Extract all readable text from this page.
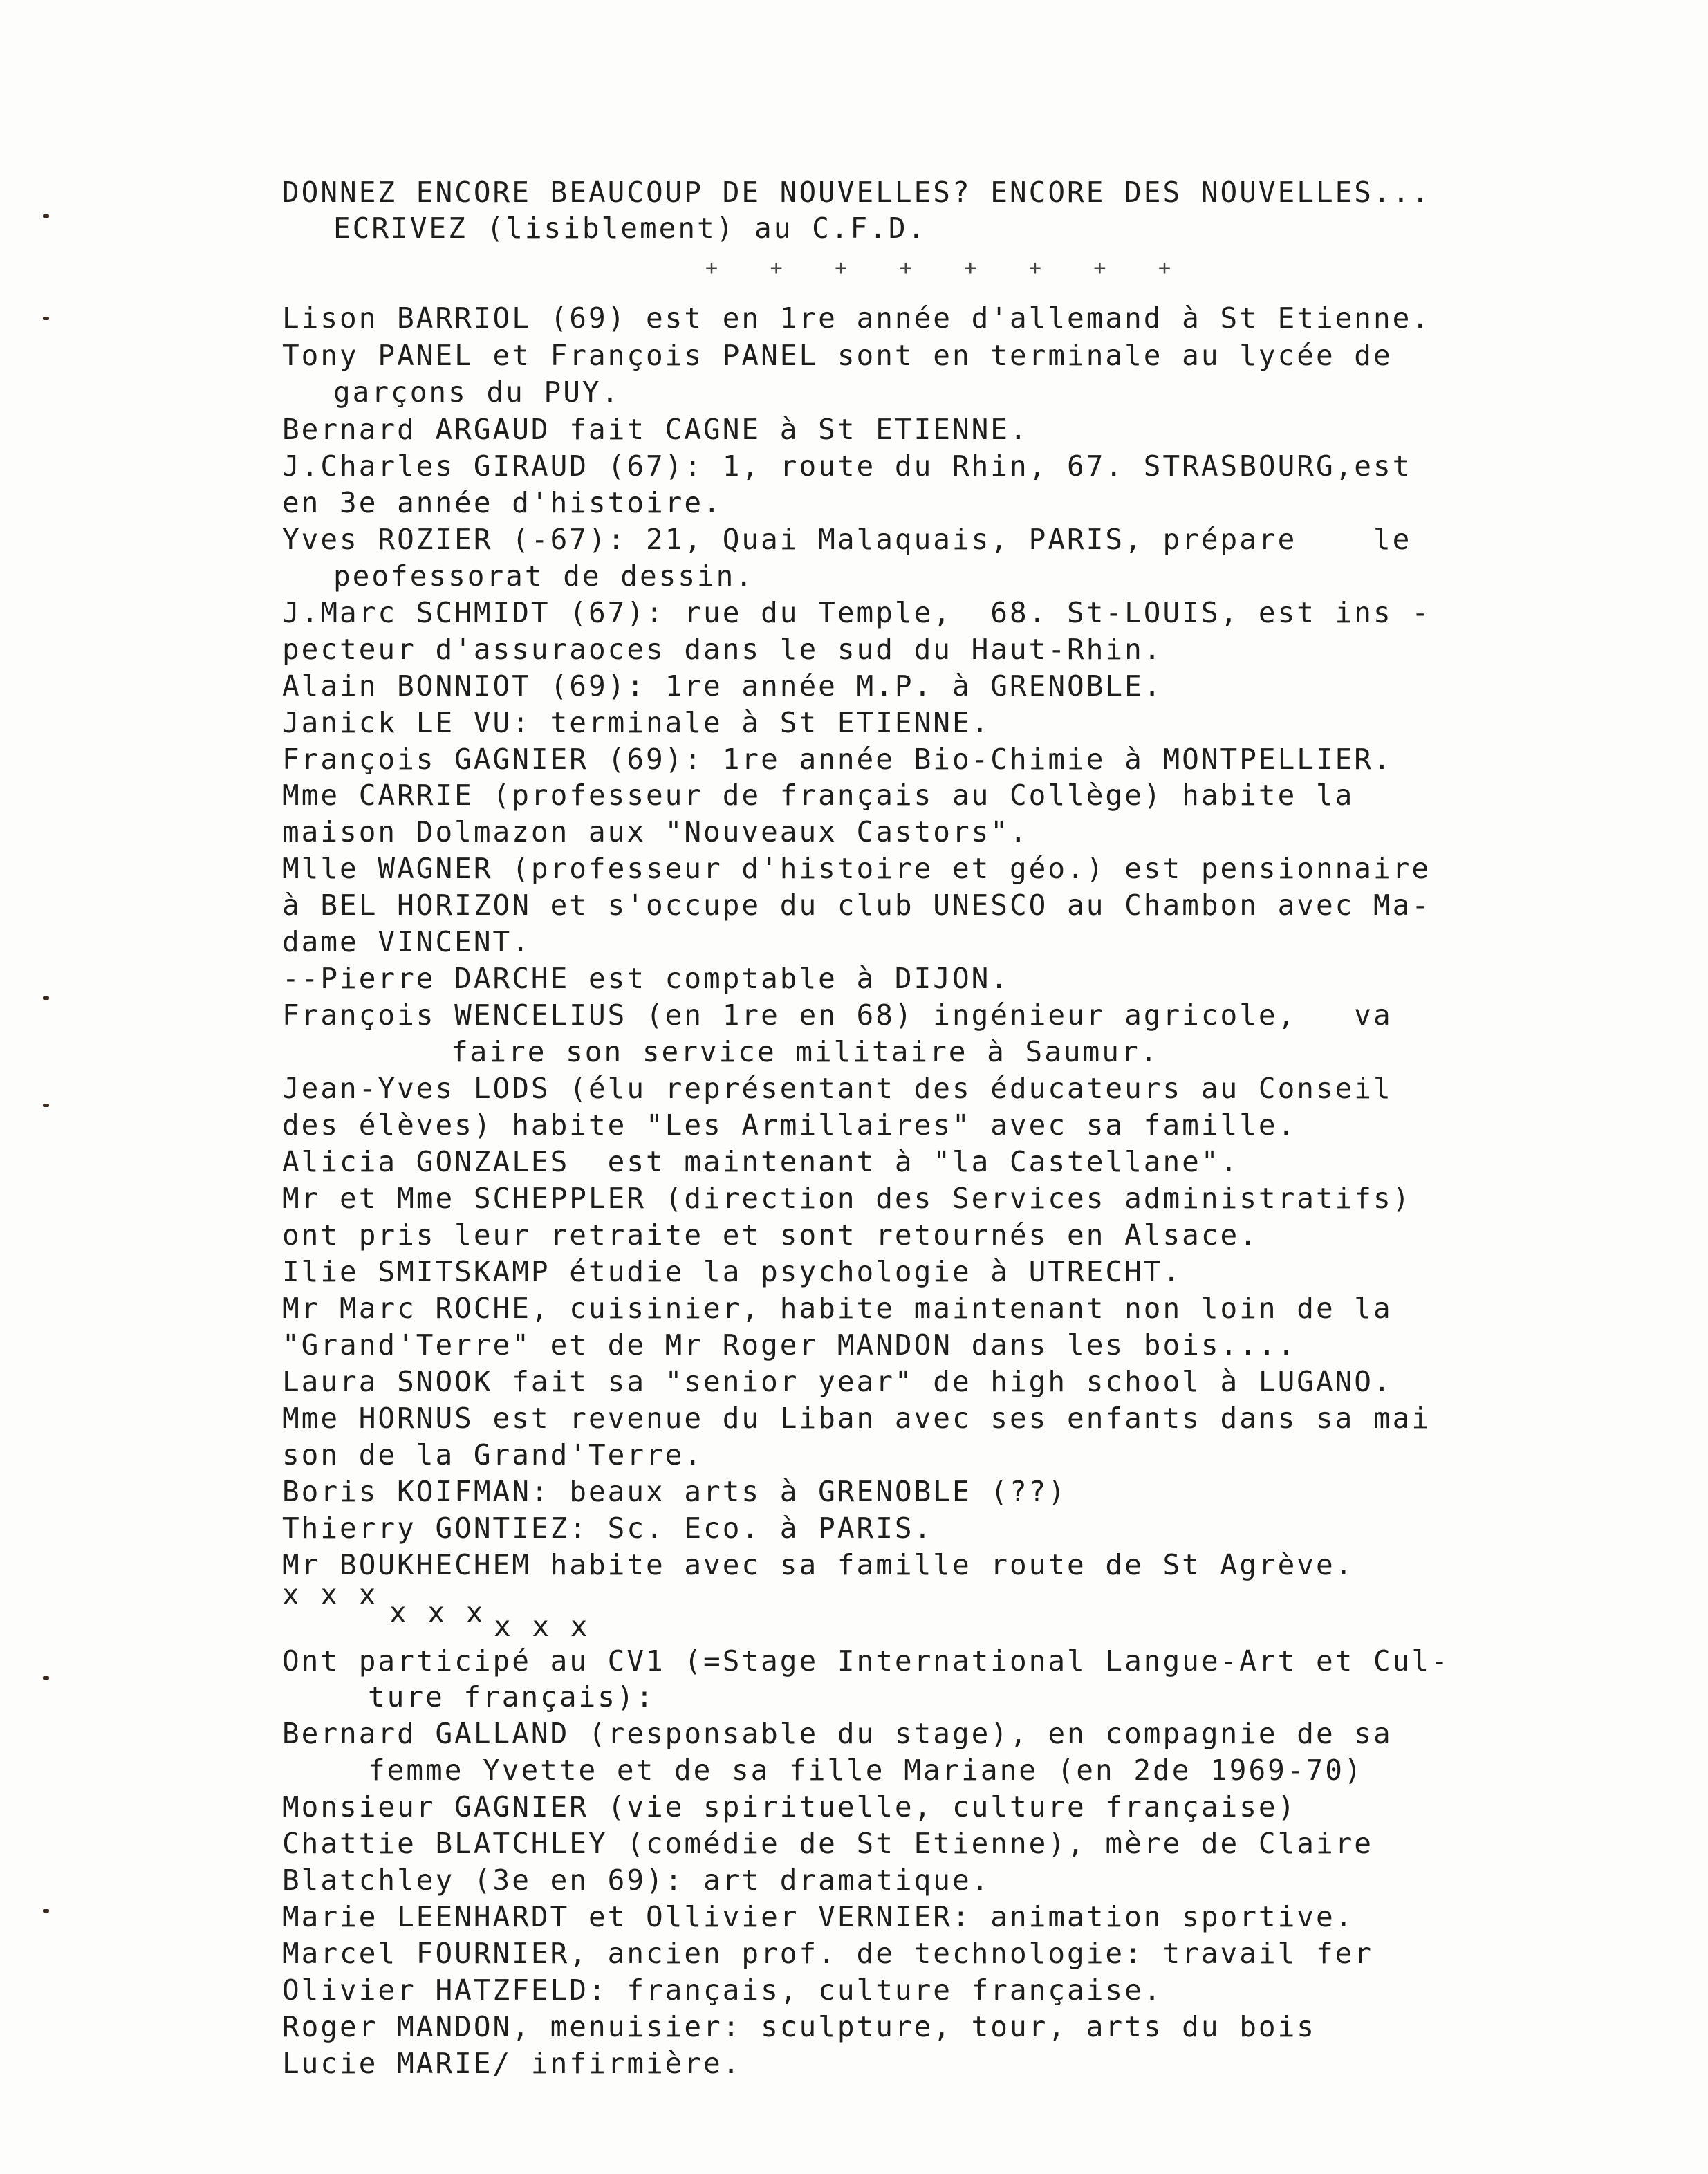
DONNEZ ENCORE BEAUCOUP DE NOUVELLES? ENCORE DES NOUVELLES...
ECRIVEZ (lisiblement) au C.F.D.
+ + + + + + + +
Lison BARRIOL (69) est en 1re année d'allemand à St Etienne.
Tony PANEL et François PANEL sont en terminale au lycée de
garçons du PUY.
Bernard ARGAUD fait CAGNE à St ETIENNE.
J.Charles GIRAUD (67): 1, route du Rhin, 67. STRASBOURG,est
en 3e année d'histoire.
Yves ROZIER (-67): 21, Quai Malaquais, PARIS, prépare    le
peofessorat de dessin.
J.Marc SCHMIDT (67): rue du Temple,  68. St-LOUIS, est ins -
pecteur d'assuraoces dans le sud du Haut-Rhin.
Alain BONNIOT (69): 1re année M.P. à GRENOBLE.
Janick LE VU: terminale à St ETIENNE.
François GAGNIER (69): 1re année Bio-Chimie à MONTPELLIER.
Mme CARRIE (professeur de français au Collège) habite la
maison Dolmazon aux "Nouveaux Castors".
Mlle WAGNER (professeur d'histoire et géo.) est pensionnaire
à BEL HORIZON et s'occupe du club UNESCO au Chambon avec Ma-
dame VINCENT.
--Pierre DARCHE est comptable à DIJON.
François WENCELIUS (en 1re en 68) ingénieur agricole,   va
faire son service militaire à Saumur.
Jean-Yves LODS (élu représentant des éducateurs au Conseil
des élèves) habite "Les Armillaires" avec sa famille.
Alicia GONZALES  est maintenant à "la Castellane".
Mr et Mme SCHEPPLER (direction des Services administratifs)
ont pris leur retraite et sont retournés en Alsace.
Ilie SMITSKAMP étudie la psychologie à UTRECHT.
Mr Marc ROCHE, cuisinier, habite maintenant non loin de la
"Grand'Terre" et de Mr Roger MANDON dans les bois....
Laura SNOOK fait sa "senior year" de high school à LUGANO.
Mme HORNUS est revenue du Liban avec ses enfants dans sa mai
son de la Grand'Terre.
Boris KOIFMAN: beaux arts à GRENOBLE (??)
Thierry GONTIEZ: Sc. Eco. à PARIS.
Mr BOUKHECHEM habite avec sa famille route de St Agrève.
x x x
x x x x x x
Ont participé au CV1 (=Stage International Langue-Art et Cul-
ture français):
Bernard GALLAND (responsable du stage), en compagnie de sa
femme Yvette et de sa fille Mariane (en 2de 1969-70)
Monsieur GAGNIER (vie spirituelle, culture française)
Chattie BLATCHLEY (comédie de St Etienne), mère de Claire
Blatchley (3e en 69): art dramatique.
Marie LEENHARDT et Ollivier VERNIER: animation sportive.
Marcel FOURNIER, ancien prof. de technologie: travail fer
Olivier HATZFELD: français, culture française.
Roger MANDON, menuisier: sculpture, tour, arts du bois
Lucie MARIE/ infirmière.
